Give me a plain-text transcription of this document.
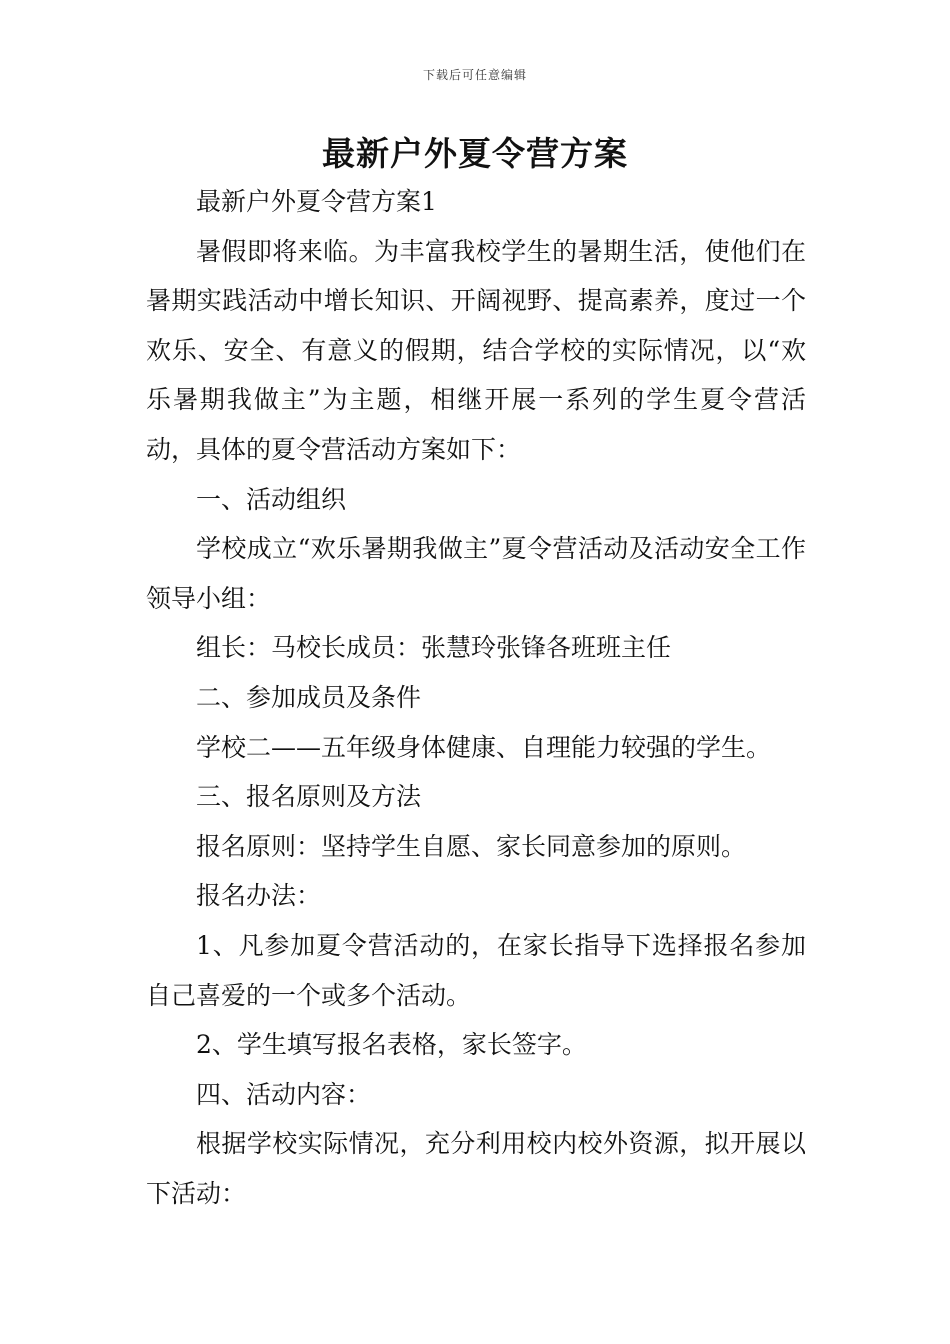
下载后可任意编辑
最新户外夏令营方案

最新户外夏令营方案1

暑假即将来临。为丰富我校学生的暑期生活，使他们在暑期实践活动中增长知识、开阔视野、提高素养，度过一个欢乐、安全、有意义的假期，结合学校的实际情况，以“欢乐暑期我做主”为主题，相继开展一系列的学生夏令营活动，具体的夏令营活动方案如下：

一、活动组织

学校成立“欢乐暑期我做主”夏令营活动及活动安全工作领导小组：

组长：马校长成员：张慧玲张锋各班班主任

二、参加成员及条件

学校二——五年级身体健康、自理能力较强的学生。

三、报名原则及方法

报名原则：坚持学生自愿、家长同意参加的原则。

报名办法：

1、凡参加夏令营活动的，在家长指导下选择报名参加自己喜爱的一个或多个活动。

2、学生填写报名表格，家长签字。

四、活动内容：

根据学校实际情况，充分利用校内校外资源，拟开展以下活动：
